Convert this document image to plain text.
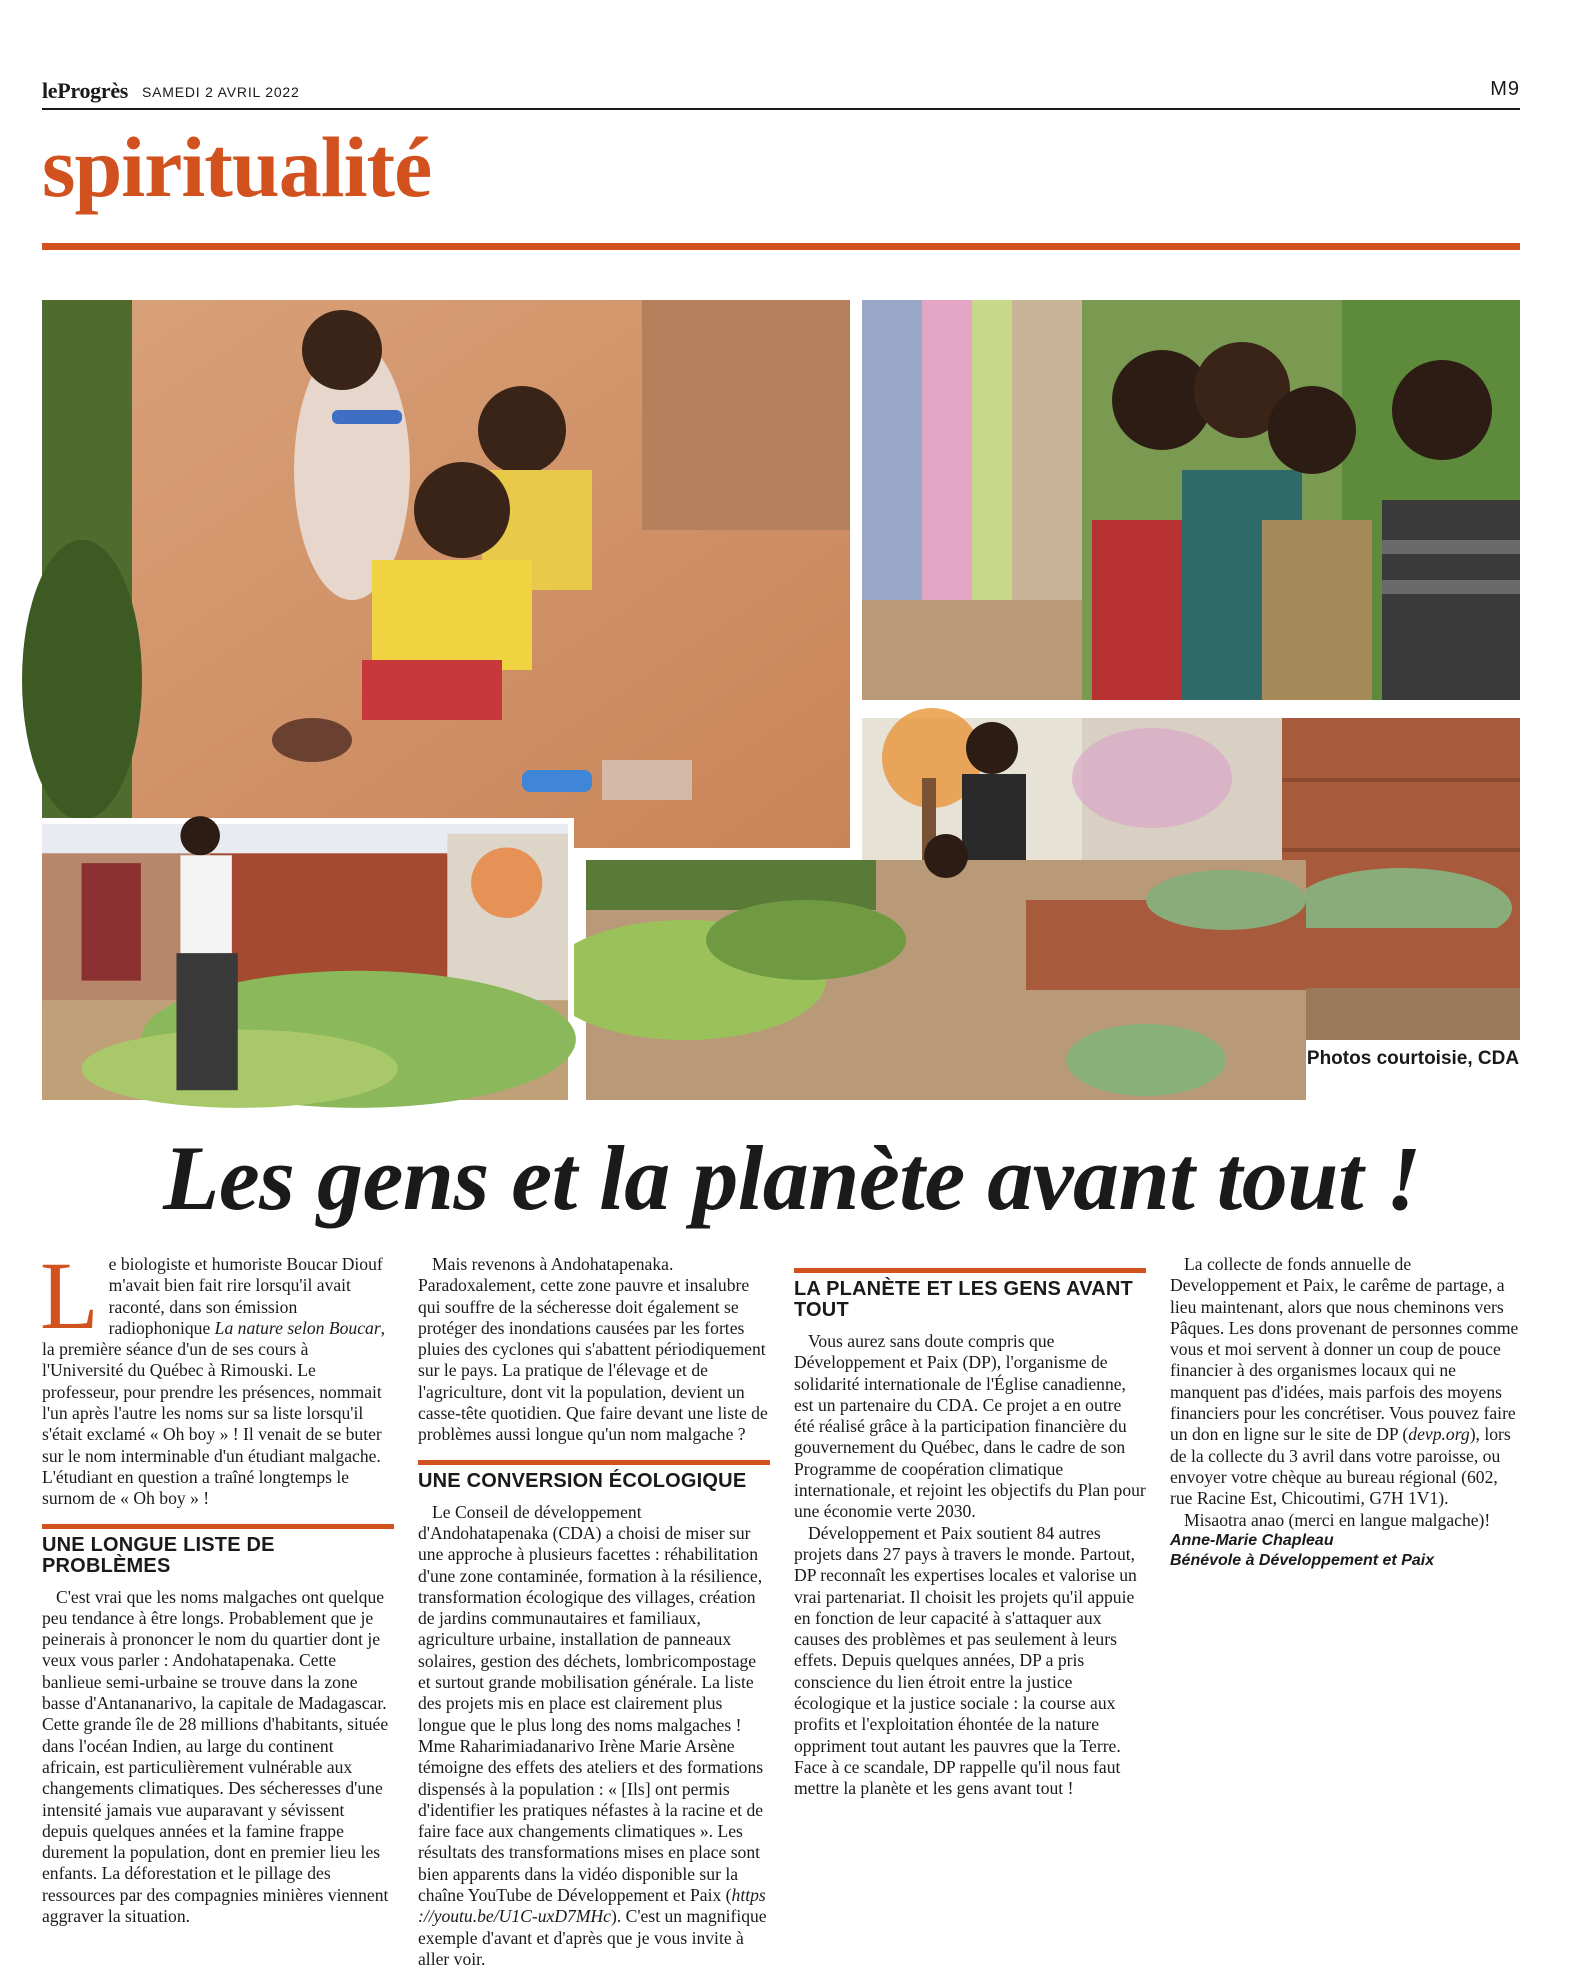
leProgrès SAMEDI 2 AVRIL 2022	M9
spiritualité
Photos courtoisie, CDA
Les gens et la planète avant tout !

Le biologiste et humoriste Boucar Diouf m'avait bien fait rire lorsqu'il avait raconté, dans son émission radiophonique La nature selon Boucar, la première séance d'un de ses cours à l'Université du Québec à Rimouski. Le professeur, pour prendre les présences, nommait l'un après l'autre les noms sur sa liste lorsqu'il s'était exclamé « Oh boy » ! Il venait de se buter sur le nom interminable d'un étudiant malgache. L'étudiant en question a traîné longtemps le surnom de « Oh boy » !

UNE LONGUE LISTE DE PROBLÈMES

C'est vrai que les noms malgaches ont quelque peu tendance à être longs. Probablement que je peinerais à prononcer le nom du quartier dont je veux vous parler : Andohatapenaka. Cette banlieue semi-urbaine se trouve dans la zone basse d'Antananarivo, la capitale de Madagascar. Cette grande île de 28 millions d'habitants, située dans l'océan Indien, au large du continent africain, est particulièrement vulnérable aux changements climatiques. Des sécheresses d'une intensité jamais vue auparavant y sévissent depuis quelques années et la famine frappe durement la population, dont en premier lieu les enfants. La déforestation et le pillage des ressources par des compagnies minières viennent aggraver la situation.

Mais revenons à Andohatapenaka. Paradoxalement, cette zone pauvre et insalubre qui souffre de la sécheresse doit également se protéger des inondations causées par les fortes pluies des cyclones qui s'abattent périodiquement sur le pays. La pratique de l'élevage et de l'agriculture, dont vit la population, devient un casse-tête quotidien. Que faire devant une liste de problèmes aussi longue qu'un nom malgache ?

UNE CONVERSION ÉCOLOGIQUE

Le Conseil de développement d'Andohatapenaka (CDA) a choisi de miser sur une approche à plusieurs facettes : réhabilitation d'une zone contaminée, formation à la résilience, transformation écologique des villages, création de jardins communautaires et familiaux, agriculture urbaine, installation de panneaux solaires, gestion des déchets, lombricompostage et surtout grande mobilisation générale. La liste des projets mis en place est clairement plus longue que le plus long des noms malgaches ! Mme Raharimiadanarivo Irène Marie Arsène témoigne des effets des ateliers et des formations dispensés à la population : « [Ils] ont permis d'identifier les pratiques néfastes à la racine et de faire face aux changements climatiques ». Les résultats des transformations mises en place sont bien apparents dans la vidéo disponible sur la chaîne YouTube de Développement et Paix (https ://youtu.be/U1C-uxD7MHc). C'est un magnifique exemple d'avant et d'après que je vous invite à aller voir.

LA PLANÈTE ET LES GENS AVANT TOUT

Vous aurez sans doute compris que Développement et Paix (DP), l'organisme de solidarité internationale de l'Église canadienne, est un partenaire du CDA. Ce projet a en outre été réalisé grâce à la participation financière du gouvernement du Québec, dans le cadre de son Programme de coopération climatique internationale, et rejoint les objectifs du Plan pour une économie verte 2030.

Développement et Paix soutient 84 autres projets dans 27 pays à travers le monde. Partout, DP reconnaît les expertises locales et valorise un vrai partenariat. Il choisit les projets qu'il appuie en fonction de leur capacité à s'attaquer aux causes des problèmes et pas seulement à leurs effets. Depuis quelques années, DP a pris conscience du lien étroit entre la justice écologique et la justice sociale : la course aux profits et l'exploitation éhontée de la nature oppriment tout autant les pauvres que la Terre. Face à ce scandale, DP rappelle qu'il nous faut mettre la planète et les gens avant tout !

La collecte de fonds annuelle de Developpement et Paix, le carême de partage, a lieu maintenant, alors que nous cheminons vers Pâques. Les dons provenant de personnes comme vous et moi servent à donner un coup de pouce financier à des organismes locaux qui ne manquent pas d'idées, mais parfois des moyens financiers pour les concrétiser. Vous pouvez faire un don en ligne sur le site de DP (devp.org), lors de la collecte du 3 avril dans votre paroisse, ou envoyer votre chèque au bureau régional (602, rue Racine Est, Chicoutimi, G7H 1V1).

Misaotra anao (merci en langue malgache)!

Anne-Marie Chapleau
Bénévole à Développement et Paix
